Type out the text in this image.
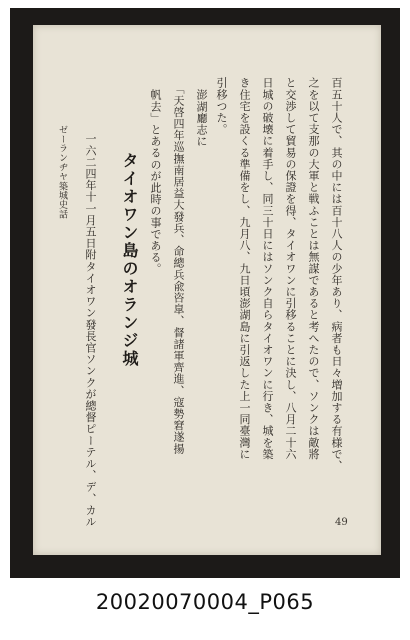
百五十人で、其の中には百十八人の少年あり、病者も日々増加する有様で、

之を以て支那の大軍と戦ふことは無謀であると考へたので、ソンクは敵將

と交渉して貿易の保證を得、タイオワンに引移ることに決し、八月二十六

日城の破壊に着手し、同三十日にはソンク自らタイオワンに行き、城を築

き住宅を設くる準備をし、九月八、九日頃澎湖島に引返した上一同臺灣に

引移つた。

澎湖廳志に

「天啓四年巡撫南居益大發兵、命總兵兪咨皐、督諸軍齊進、寇勢窘遂揚

帆去」とあるのが此時の事である。

タイオワン島のオランジ城

一六二四年十一月五日附タイオワン發長官ソンクが總督ピーテル、デ、カル

ゼーランヂヤ築城史話

49
20020070004_P065
